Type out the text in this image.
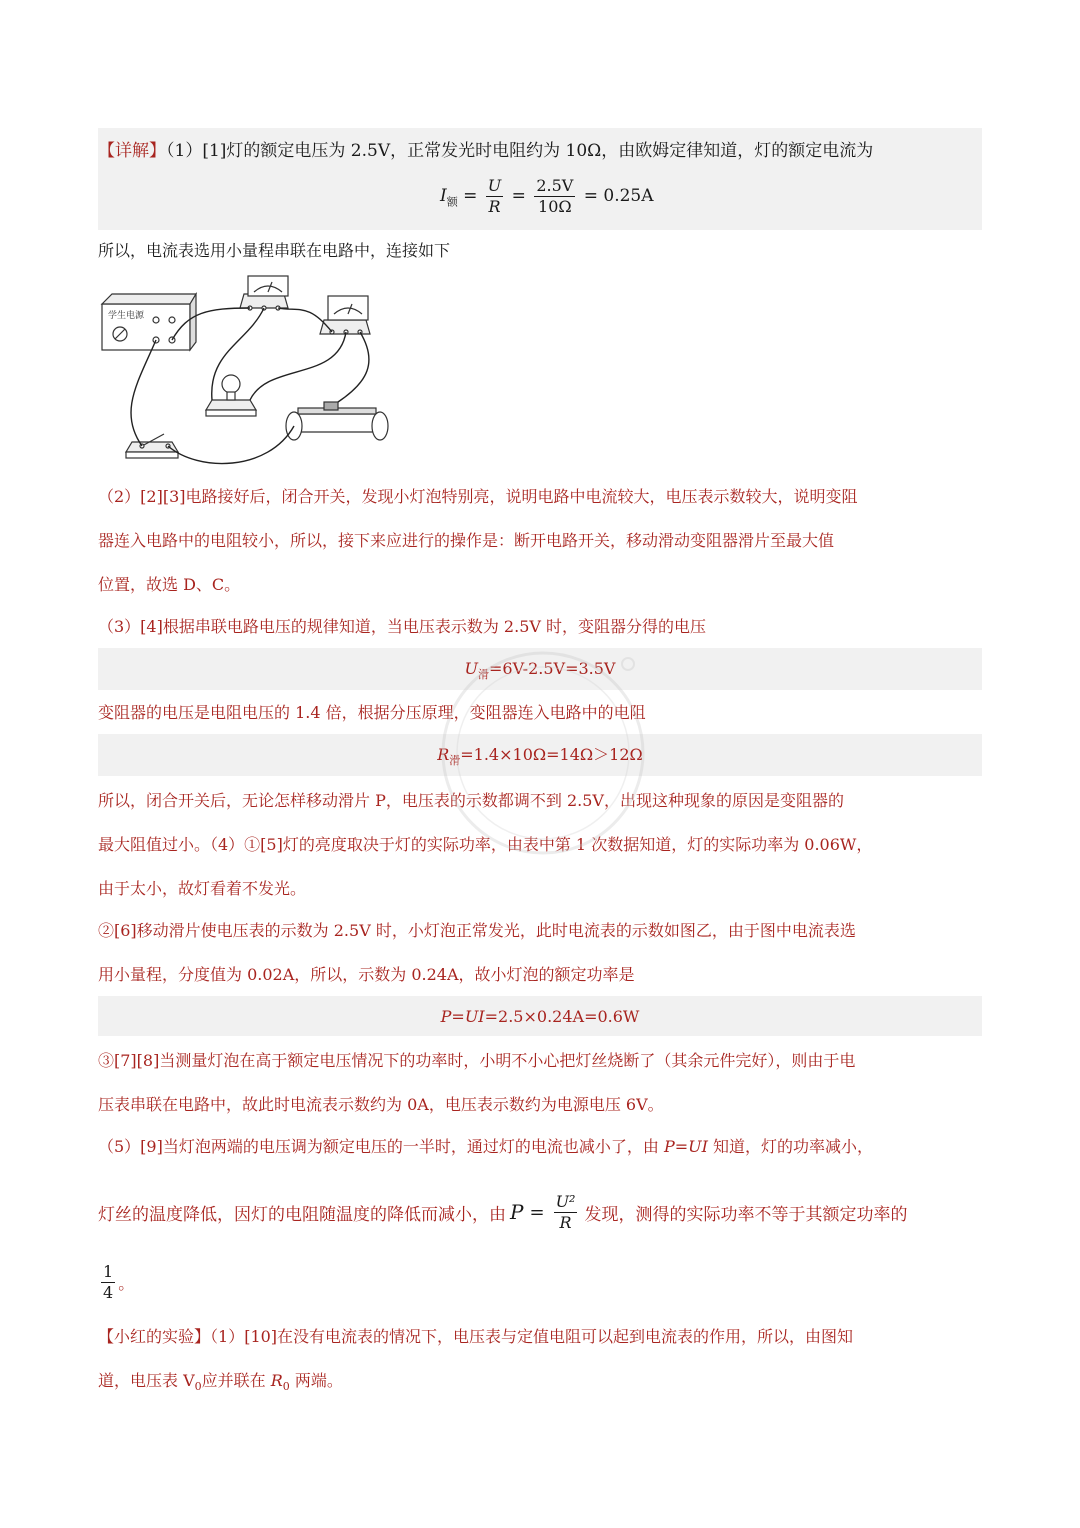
【详解】（1）[1]灯的额定电压为 2.5V，正常发光时电阻约为 10Ω，由欧姆定律知道，灯的额定电流为
$I_额 = \frac{U}{R} = \frac{2.5V}{10\Omega} = 0.25A$
所以，电流表选用小量程串联在电路中，连接如下
学生电源
（2）[2][3]电路接好后，闭合开关，发现小灯泡特别亮，说明电路中电流较大，电压表示数较大，说明变阻
器连入电路中的电阻较小，所以，接下来应进行的操作是：断开电路开关，移动滑动变阻器滑片至最大值
位置，故选 D、C。
（3）[4]根据串联电路电压的规律知道，当电压表示数为 2.5V 时，变阻器分得的电压
$U_滑=6V-2.5V=3.5V$
变阻器的电压是电阻电压的 1.4 倍，根据分压原理，变阻器连入电路中的电阻
$R_滑=1.4\times 10\Omega=14\Omega>12\Omega$
所以，闭合开关后，无论怎样移动滑片 P，电压表的示数都调不到 2.5V，出现这种现象的原因是变阻器的
最大阻值过小。（4）①[5]灯的亮度取决于灯的实际功率，由表中第 1 次数据知道，灯的实际功率为 0.06W，
由于太小，故灯看着不发光。
②[6]移动滑片使电压表的示数为 2.5V 时，小灯泡正常发光，此时电流表的示数如图乙，由于图中电流表选
用小量程，分度值为 0.02A，所以，示数为 0.24A，故小灯泡的额定功率是
P=UI=2.5×0.24A=0.6W
③[7][8]当测量灯泡在高于额定电压情况下的功率时，小明不小心把灯丝烧断了（其余元件完好），则由于电
压表串联在电路中，故此时电流表示数约为 0A，电压表示数约为电源电压 6V。
（5）[9]当灯泡两端的电压调为额定电压的一半时，通过灯的电流也减小了，由 P=UI 知道，灯的功率减小，
灯丝的温度降低，因灯的电阻随温度的降低而减小，由 $P = \frac{\text{U²}}{R}$ 发现，测得的实际功率不等于其额定功率的
$\frac{1}{4}$ 。
【小红的实验】（1）[10]在没有电流表的情况下，电压表与定值电阻可以起到电流表的作用，所以，由图知
道，电压表 $V_0$应并联在 $R_0$ 两端。
